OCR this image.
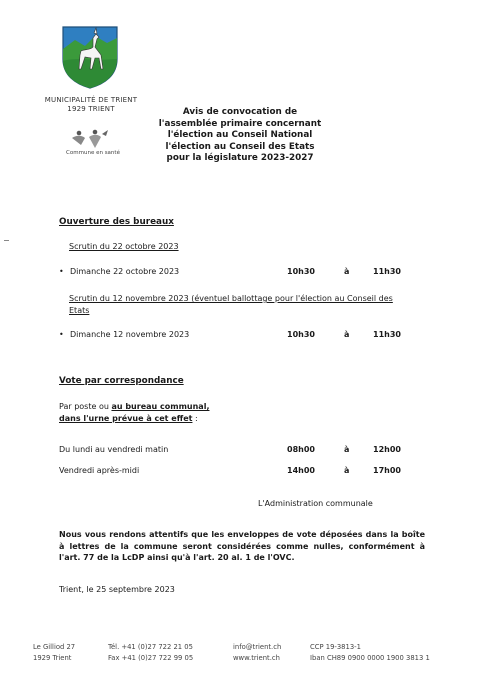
MUNICIPALITÉ DE TRIENT
1929 TRIENT
Commune en santé
Avis de convocation de
l'assemblée primaire concernant
l'élection au Conseil National
l'élection au Conseil des Etats
pour la législature 2023-2027
Ouverture des bureaux
Scrutin du 22 octobre 2023
• Dimanche 22 octobre 2023	10h30	à	11h30
Scrutin du 12 novembre 2023 (éventuel ballottage pour l'élection au Conseil des
Etats
• Dimanche 12 novembre 2023	10h30	à	11h30
Vote par correspondance
Par poste ou au bureau communal,
dans l'urne prévue à cet effet :
Du lundi au vendredi matin	08h00	à	12h00
Vendredi après-midi	14h00	à	17h00
L'Administration communale
Nous vous rendons attentifs que les enveloppes de vote déposées dans la boîte à lettres de la commune seront considérées comme nulles, conformément à l'art. 77 de la LcDP ainsi qu'à l'art. 20 al. 1 de l'OVC.
Trient, le 25 septembre 2023
Le Gilliod 27
1929 Trient
Tél. +41 (0)27 722 21 05
Fax +41 (0)27 722 99 05
info@trient.ch
www.trient.ch
CCP 19-3813-1
Iban CH89 0900 0000 1900 3813 1
